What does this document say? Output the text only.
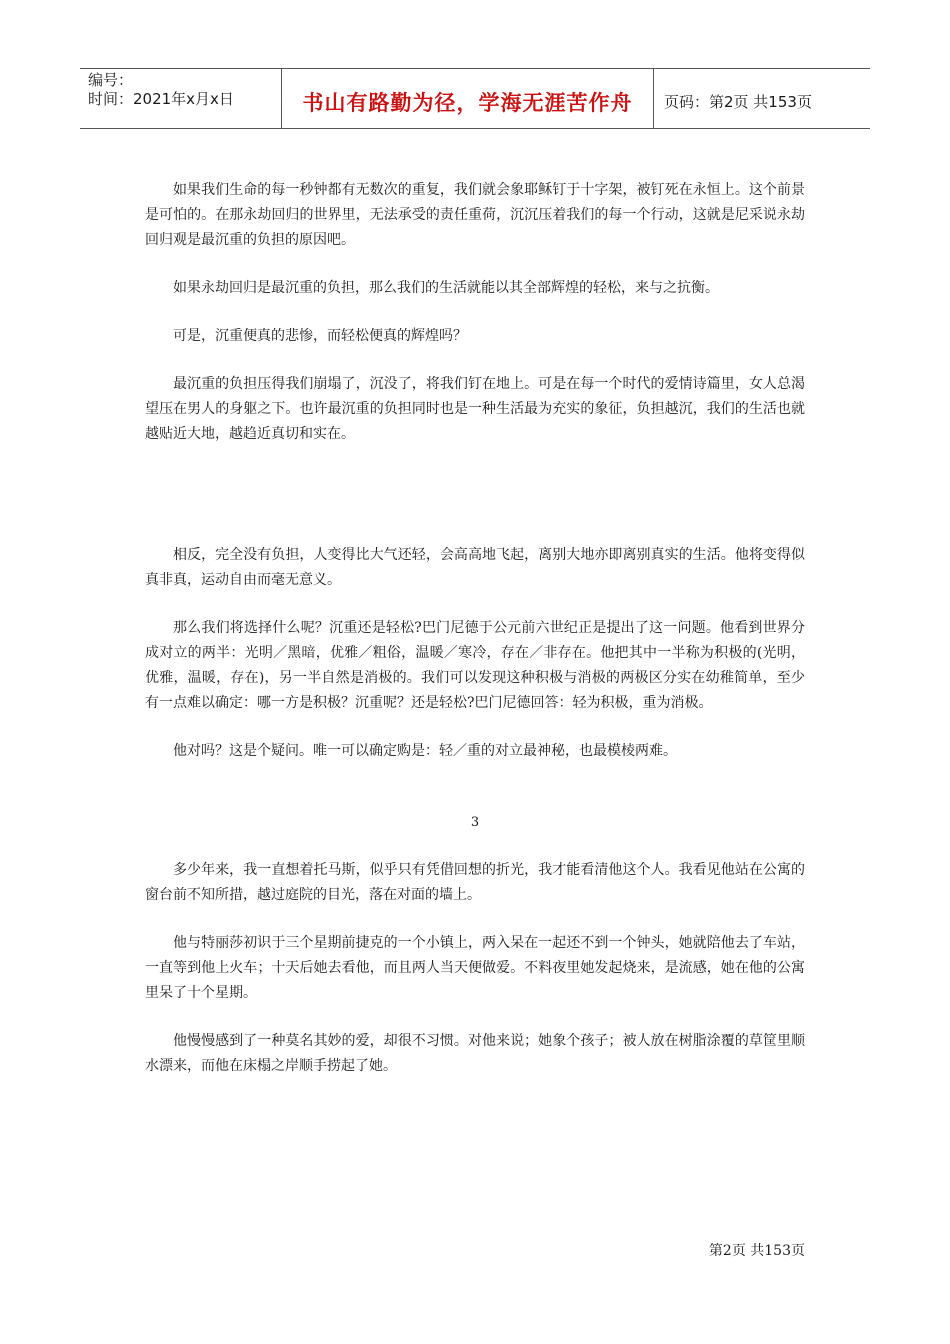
编号：
时间：2021年x月x日	书山有路勤为径，学海无涯苦作舟	页码：第2页 共153页

如果我们生命的每一秒钟都有无数次的重复，我们就会象耶稣钉于十字架，被钉死在永恒上。这个前景是可怕的。在那永劫回归的世界里，无法承受的责任重荷，沉沉压着我们的每一个行动，这就是尼采说永劫回归观是最沉重的负担的原因吧。

如果永劫回归是最沉重的负担，那么我们的生活就能以其全部辉煌的轻松，来与之抗衡。

可是，沉重便真的悲惨，而轻松便真的辉煌吗？

最沉重的负担压得我们崩塌了，沉没了，将我们钉在地上。可是在每一个时代的爱情诗篇里，女人总渴望压在男人的身躯之下。也许最沉重的负担同时也是一种生活最为充实的象征，负担越沉，我们的生活也就越贴近大地，越趋近真切和实在。

相反，完全没有负担，人变得比大气还轻，会高高地飞起，离别大地亦即离别真实的生活。他将变得似真非真，运动自由而毫无意义。

那么我们将选择什么呢？沉重还是轻松?巴门尼德于公元前六世纪正是提出了这一问题。他看到世界分成对立的两半：光明／黑暗，优雅／粗俗，温暖／寒冷，存在／非存在。他把其中一半称为积极的(光明，优雅，温暖，存在)，另一半自然是消极的。我们可以发现这种积极与消极的两极区分实在幼稚简单，至少有一点难以确定：哪一方是积极？沉重呢？还是轻松?巴门尼德回答：轻为积极，重为消极。

他对吗？这是个疑问。唯一可以确定购是：轻／重的对立最神秘，也最模棱两难。

3

多少年来，我一直想着托马斯，似乎只有凭借回想的折光，我才能看清他这个人。我看见他站在公寓的窗台前不知所措，越过庭院的目光，落在对面的墙上。

他与特丽莎初识于三个星期前捷克的一个小镇上，两入呆在一起还不到一个钟头，她就陪他去了车站，一直等到他上火车；十天后她去看他，而且两人当天便做爱。不料夜里她发起烧来，是流感，她在他的公寓里呆了十个星期。

他慢慢感到了一种莫名其妙的爱，却很不习惯。对他来说；她象个孩子；被人放在树脂涂覆的草筐里顺水漂来，而他在床榻之岸顺手捞起了她。

第2页 共153页
